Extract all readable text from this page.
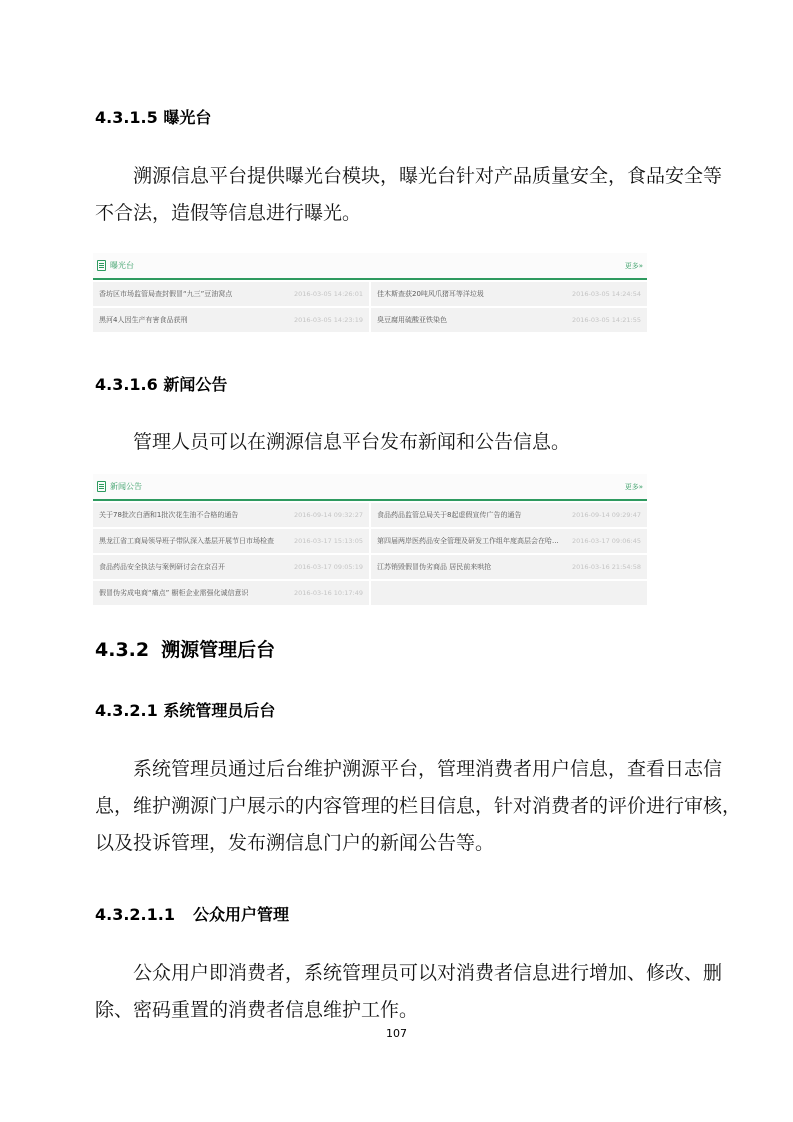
4.3.1.5 曝光台
溯源信息平台提供曝光台模块，曝光台针对产品质量安全，食品安全等
不合法，造假等信息进行曝光。
曝光台	更多»
香坊区市场监管局查封假冒“九三”豆油窝点	2016-03-05 14:26:01 佳木斯查获20吨风爪猪耳等洋垃圾	2016-03-05 14:24:54
黑河4人因生产有害食品获刑	2016-03-05 14:23:19 臭豆腐用硫酸亚铁染色	2016-03-05 14:21:55
4.3.1.6 新闻公告
管理人员可以在溯源信息平台发布新闻和公告信息。
新闻公告	更多»
关于78批次白酒和1批次花生油不合格的通告	2016-09-14 09:32:27 食品药品监管总局关于8起虚假宣传广告的通告	2016-09-14 09:29:47
黑龙江省工商局领导班子带队深入基层开展节日市场检查	2016-03-17 15:13:05 第四届两岸医药品安全管理及研发工作组年度高层会在哈... 2016-03-17 09:06:45
食品药品安全执法与案例研讨会在京召开	2016-03-17 09:05:19 江苏销毁假冒伪劣商品 居民前来哄抢	2016-03-16 21:54:58
假冒伪劣成电商“痛点” 橱柜企业需强化诚信意识	2016-03-16 10:17:49
4.3.2 溯源管理后台
4.3.2.1 系统管理员后台
系统管理员通过后台维护溯源平台，管理消费者用户信息，查看日志信
息，维护溯源门户展示的内容管理的栏目信息，针对消费者的评价进行审核，
以及投诉管理，发布溯信息门户的新闻公告等。
4.3.2.1.1 公众用户管理
公众用户即消费者，系统管理员可以对消费者信息进行增加、修改、删
除、密码重置的消费者信息维护工作。
107
